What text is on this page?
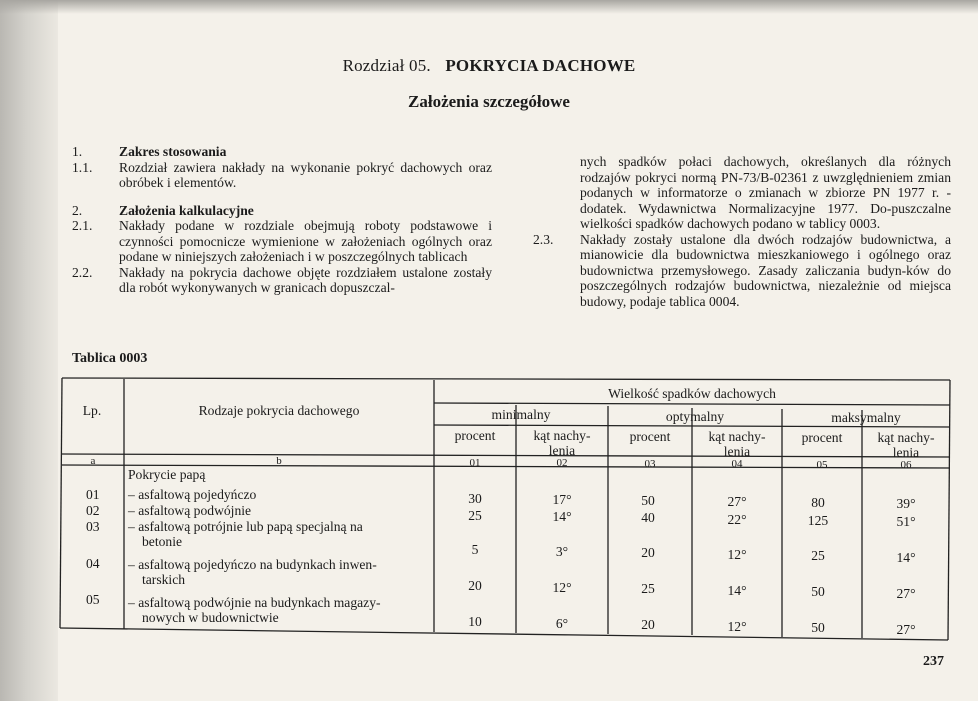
Rozdział 05. POKRYCIA DACHOWE
Założenia szczegółowe
1.	Zakres stosowania
1.1.	Rozdział zawiera nakłady na wykonanie pokryć dachowych oraz obróbek i elementów.
2.	Założenia kalkulacyjne
2.1.	Nakłady podane w rozdziale obejmują roboty podstawowe i czynności pomocnicze wymienione w założeniach ogólnych oraz podane w niniejszych założeniach i w poszczególnych tablicach
2.2.	Nakłady na pokrycia dachowe objęte rozdziałem ustalone zostały dla robót wykonywanych w granicach dopuszczal-
nych spadków połaci dachowych, określanych dla różnych rodzajów pokryci normą PN-73/B-02361 z uwzględnieniem zmian podanych w informatorze o zmianach w zbiorze PN 1977 r. - dodatek. Wydawnictwa Normalizacyjne 1977. Do-puszczalne wielkości spadków dachowych podano w tablicy 0003.
2.3.	Nakłady zostały ustalone dla dwóch rodzajów budownictwa, a mianowicie dla budownictwa mieszkaniowego i ogólnego oraz budownictwa przemysłowego. Zasady zaliczania budyn-ków do poszczególnych rodzajów budownictwa, niezależnie od miejsca budowy, podaje tablica 0004.
Tablica 0003
Lp.	Rodzaje pokrycia dachowego
Wielkość spadków dachowych
minimalny	optymalny	maksymalny
procent	kąt nachy-
lenia
procent	kąt nachy-
lenia
procent	kąt nachy-
lenia
a	b	01	02	03	04	05	06
Pokrycie papą
01 – asfaltową pojedyńczo	30	17°	50	27°	80	39°
02 – asfaltową podwójnie	25	14°	40	22°	125	51°
03 – asfaltową potrójnie lub papą specjalną na
betonie
5	3°	20	12°	25	14°
04 – asfaltową pojedyńczo na budynkach inwen-
tarskich	20	12°	25	14°	50	27°
05 – asfaltową podwójnie na budynkach magazy-
nowych w budownictwie	10	6°	20	12°	50	27°
237
